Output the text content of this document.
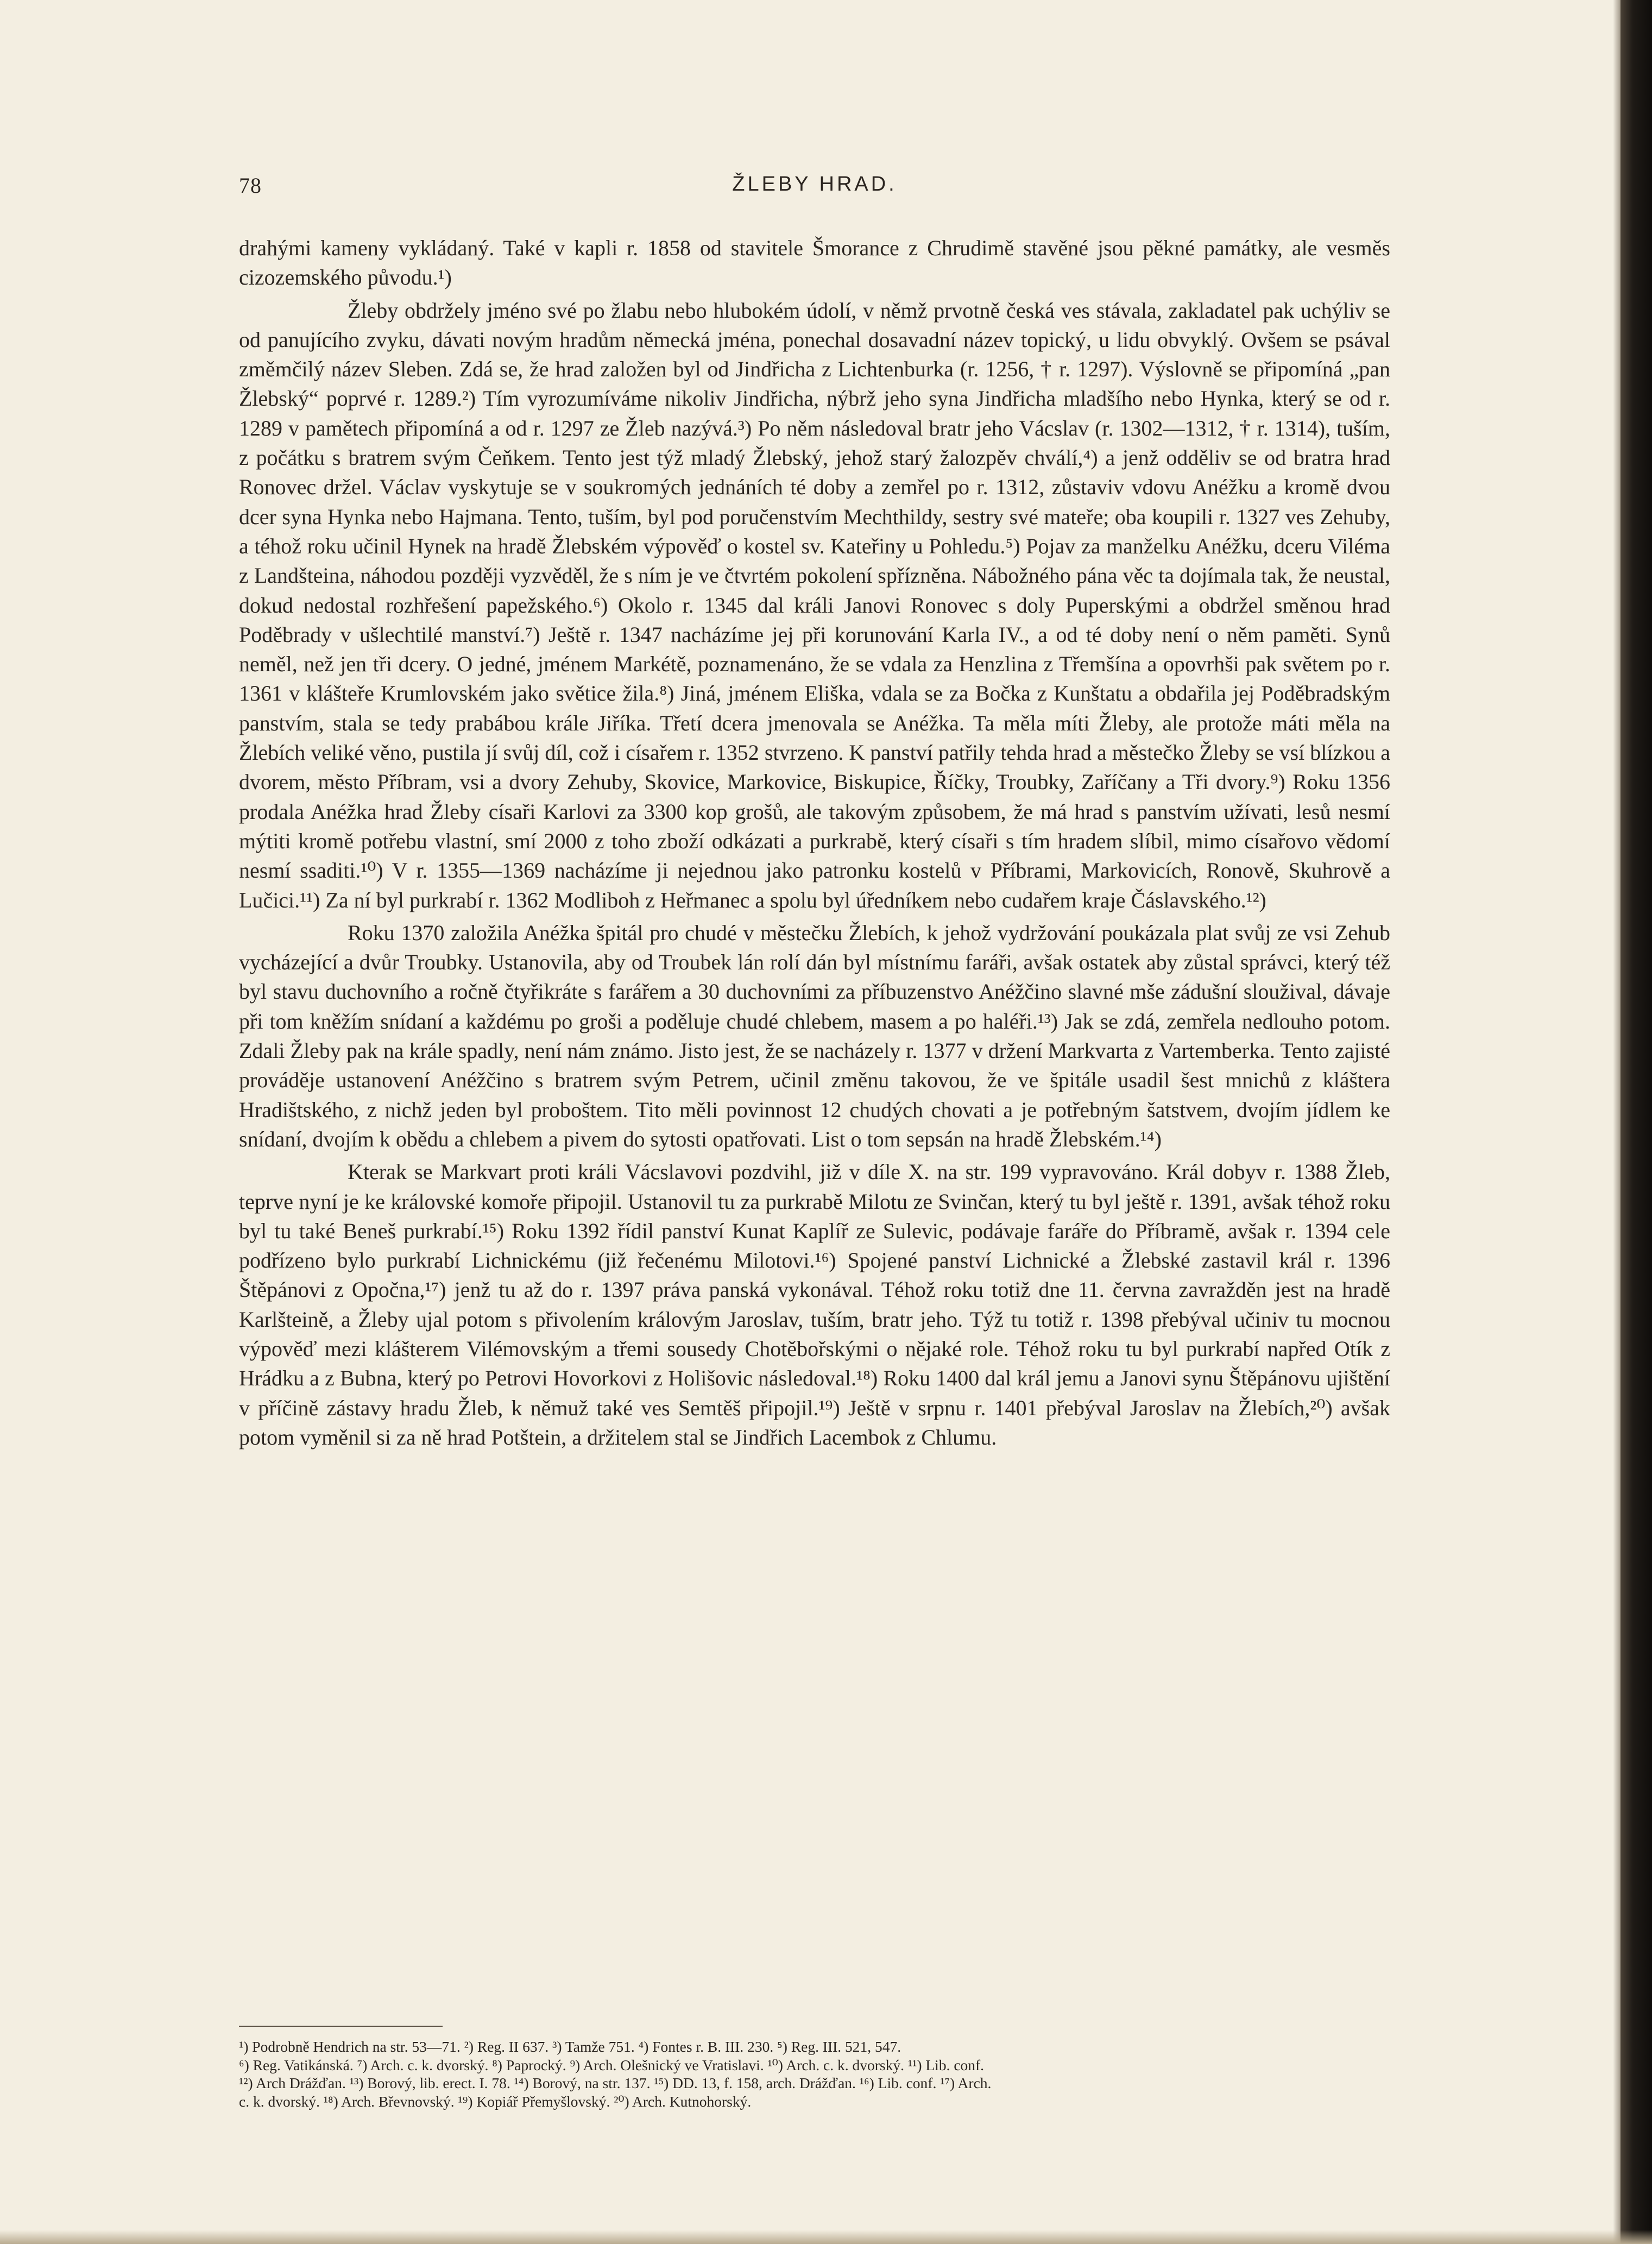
78	ŽLEBY HRAD.

drahými kameny vykládaný. Také v kapli r. 1858 od stavitele Šmorance z Chrudimě stavěné jsou pěkné památky, ale vesměs cizozemského původu.¹)

Žleby obdržely jméno své po žlabu nebo hlubokém údolí, v němž prvotně česká ves stávala, zakladatel pak uchýliv se od panujícího zvyku, dávati novým hradům německá jména, ponechal dosavadní název topický, u lidu obvyklý. Ovšem se psával změmčilý název Sleben. Zdá se, že hrad založen byl od Jindřicha z Lichtenburka (r. 1256, † r. 1297). Výslovně se připomíná „pan Žlebský“ poprvé r. 1289.²) Tím vyrozumíváme nikoliv Jindřicha, nýbrž jeho syna Jindřicha mladšího nebo Hynka, který se od r. 1289 v pamětech připomíná a od r. 1297 ze Žleb nazývá.³) Po něm následoval bratr jeho Vácslav (r. 1302—1312, † r. 1314), tuším, z počátku s bratrem svým Čeňkem. Tento jest týž mladý Žlebský, jehož starý žalozpěv chválí,⁴) a jenž odděliv se od bratra hrad Ronovec držel. Václav vyskytuje se v soukromých jednáních té doby a zemřel po r. 1312, zůstaviv vdovu Anéžku a kromě dvou dcer syna Hynka nebo Hajmana. Tento, tuším, byl pod poručenstvím Mechthildy, sestry své mateře; oba koupili r. 1327 ves Zehuby, a téhož roku učinil Hynek na hradě Žlebském výpověď o kostel sv. Kateřiny u Pohledu.⁵) Pojav za manželku Anéžku, dceru Viléma z Landšteina, náhodou později vyzvěděl, že s ním je ve čtvrtém pokolení spřízněna. Nábožného pána věc ta dojímala tak, že neustal, dokud nedostal rozhřešení papežského.⁶) Okolo r. 1345 dal králi Janovi Ronovec s doly Puperskými a obdržel směnou hrad Poděbrady v ušlechtilé manství.⁷) Ještě r. 1347 nacházíme jej při korunování Karla IV., a od té doby není o něm paměti. Synů neměl, než jen tři dcery. O jedné, jménem Markétě, poznamenáno, že se vdala za Henzlina z Třemšína a opovrhši pak světem po r. 1361 v klášteře Krumlovském jako světice žila.⁸) Jiná, jménem Eliška, vdala se za Bočka z Kunštatu a obdařila jej Poděbradským panstvím, stala se tedy prabábou krále Jiříka. Třetí dcera jmenovala se Anéžka. Ta měla míti Žleby, ale protože máti měla na Žlebích veliké věno, pustila jí svůj díl, což i císařem r. 1352 stvrzeno. K panství patřily tehda hrad a městečko Žleby se vsí blízkou a dvorem, město Příbram, vsi a dvory Zehuby, Skovice, Markovice, Biskupice, Říčky, Troubky, Zaříčany a Tři dvory.⁹) Roku 1356 prodala Anéžka hrad Žleby císaři Karlovi za 3300 kop grošů, ale takovým způsobem, že má hrad s panstvím užívati, lesů nesmí mýtiti kromě potřebu vlastní, smí 2000 z toho zboží odkázati a purkrabě, který císaři s tím hradem slíbil, mimo císařovo vědomí nesmí ssaditi.¹⁰) V r. 1355—1369 nacházíme ji nejednou jako patronku kostelů v Příbrami, Markovicích, Ronově, Skuhrově a Lučici.¹¹) Za ní byl purkrabí r. 1362 Modliboh z Heřmanec a spolu byl úředníkem nebo cudařem kraje Čáslavského.¹²)

Roku 1370 založila Anéžka špitál pro chudé v městečku Žlebích, k jehož vydržování poukázala plat svůj ze vsi Zehub vycházející a dvůr Troubky. Ustanovila, aby od Troubek lán rolí dán byl místnímu faráři, avšak ostatek aby zůstal správci, který též byl stavu duchovního a ročně čtyřikráte s farářem a 30 duchovními za příbuzenstvo Anéžčino slavné mše zádušní sloužival, dávaje při tom kněžím snídaní a každému po groši a poděluje chudé chlebem, masem a po haléři.¹³) Jak se zdá, zemřela nedlouho potom. Zdali Žleby pak na krále spadly, není nám známo. Jisto jest, že se nacházely r. 1377 v držení Markvarta z Vartemberka. Tento zajisté prováděje ustanovení Anéžčino s bratrem svým Petrem, učinil změnu takovou, že ve špitále usadil šest mnichů z kláštera Hradištského, z nichž jeden byl proboštem. Tito měli povinnost 12 chudých chovati a je potřebným šatstvem, dvojím jídlem ke snídaní, dvojím k obědu a chlebem a pivem do sytosti opatřovati. List o tom sepsán na hradě Žlebském.¹⁴)

Kterak se Markvart proti králi Vácslavovi pozdvihl, již v díle X. na str. 199 vypravováno. Král dobyv r. 1388 Žleb, teprve nyní je ke královské komoře připojil. Ustanovil tu za purkrabě Milotu ze Svinčan, který tu byl ještě r. 1391, avšak téhož roku byl tu také Beneš purkrabí.¹⁵) Roku 1392 řídil panství Kunat Kaplíř ze Sulevic, podávaje faráře do Příbramě, avšak r. 1394 cele podřízeno bylo purkrabí Lichnickému (již řečenému Milotovi.¹⁶) Spojené panství Lichnické a Žlebské zastavil král r. 1396 Štěpánovi z Opočna,¹⁷) jenž tu až do r. 1397 práva panská vykonával. Téhož roku totiž dne 11. června zavražděn jest na hradě Karlšteině, a Žleby ujal potom s přivolením královým Jaroslav, tuším, bratr jeho. Týž tu totiž r. 1398 přebýval učiniv tu mocnou výpověď mezi klášterem Vilémovským a třemi sousedy Chotěbořskými o nějaké role. Téhož roku tu byl purkrabí napřed Otík z Hrádku a z Bubna, který po Petrovi Hovorkovi z Holišovic následoval.¹⁸) Roku 1400 dal král jemu a Janovi synu Štěpánovu ujištění v příčině zástavy hradu Žleb, k němuž také ves Semtěš připojil.¹⁹) Ještě v srpnu r. 1401 přebýval Jaroslav na Žlebích,²⁰) avšak potom vyměnil si za ně hrad Potštein, a držitelem stal se Jindřich Lacembok z Chlumu.

¹) Podrobně Hendrich na str. 53—71. ²) Reg. II 637. ³) Tamže 751. ⁴) Fontes r. B. III. 230. ⁵) Reg. III. 521, 547.

⁶) Reg. Vatikánská. ⁷) Arch. c. k. dvorský. ⁸) Paprocký. ⁹) Arch. Olešnický ve Vratislavi. ¹⁰) Arch. c. k. dvorský. ¹¹) Lib. conf.

¹²) Arch Drážďan. ¹³) Borový, lib. erect. I. 78. ¹⁴) Borový, na str. 137. ¹⁵) DD. 13, f. 158, arch. Drážďan. ¹⁶) Lib. conf. ¹⁷) Arch.

c. k. dvorský. ¹⁸) Arch. Břevnovský. ¹⁹) Kopiář Přemyšlovský. ²⁰) Arch. Kutnohorský.
